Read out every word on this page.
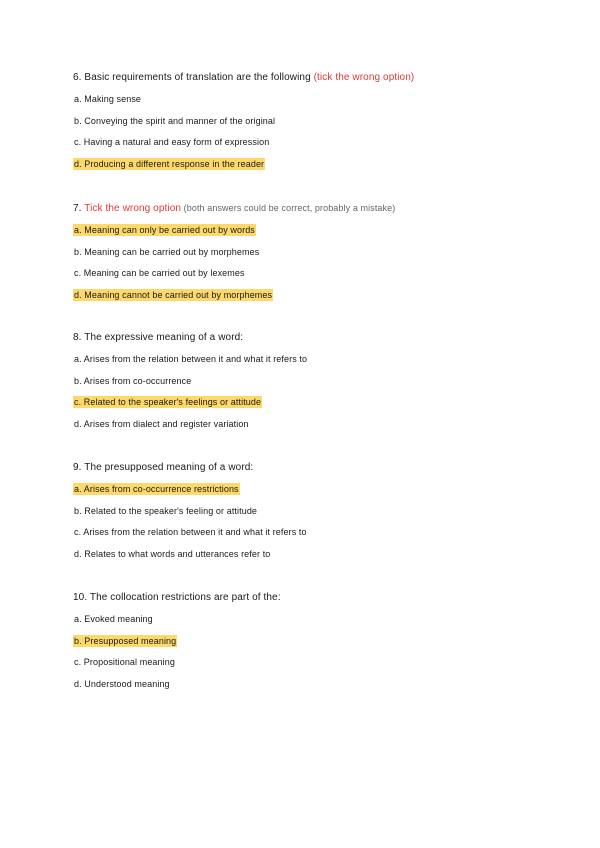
6. Basic requirements of translation are the following (tick the wrong option)

a. Making sense
b. Conveying the spirit and manner of the original
c. Having a natural and easy form of expression
d. Producing a different response in the reader

7. Tick the wrong option (both answers could be correct, probably a mistake)

a. Meaning can only be carried out by words
b. Meaning can be carried out by morphemes
c. Meaning can be carried out by lexemes
d. Meaning cannot be carried out by morphemes

8. The expressive meaning of a word:

a. Arises from the relation between it and what it refers to
b. Arises from co-occurrence
c. Related to the speaker's feelings or attitude
d. Arises from dialect and register variation

9. The presupposed meaning of a word:

a. Arises from co-occurrence restrictions
b. Related to the speaker's feeling or attitude
c. Arises from the relation between it and what it refers to
d. Relates to what words and utterances refer to

10. The collocation restrictions are part of the:

a. Evoked meaning
b. Presupposed meaning
c. Propositional meaning
d. Understood meaning
